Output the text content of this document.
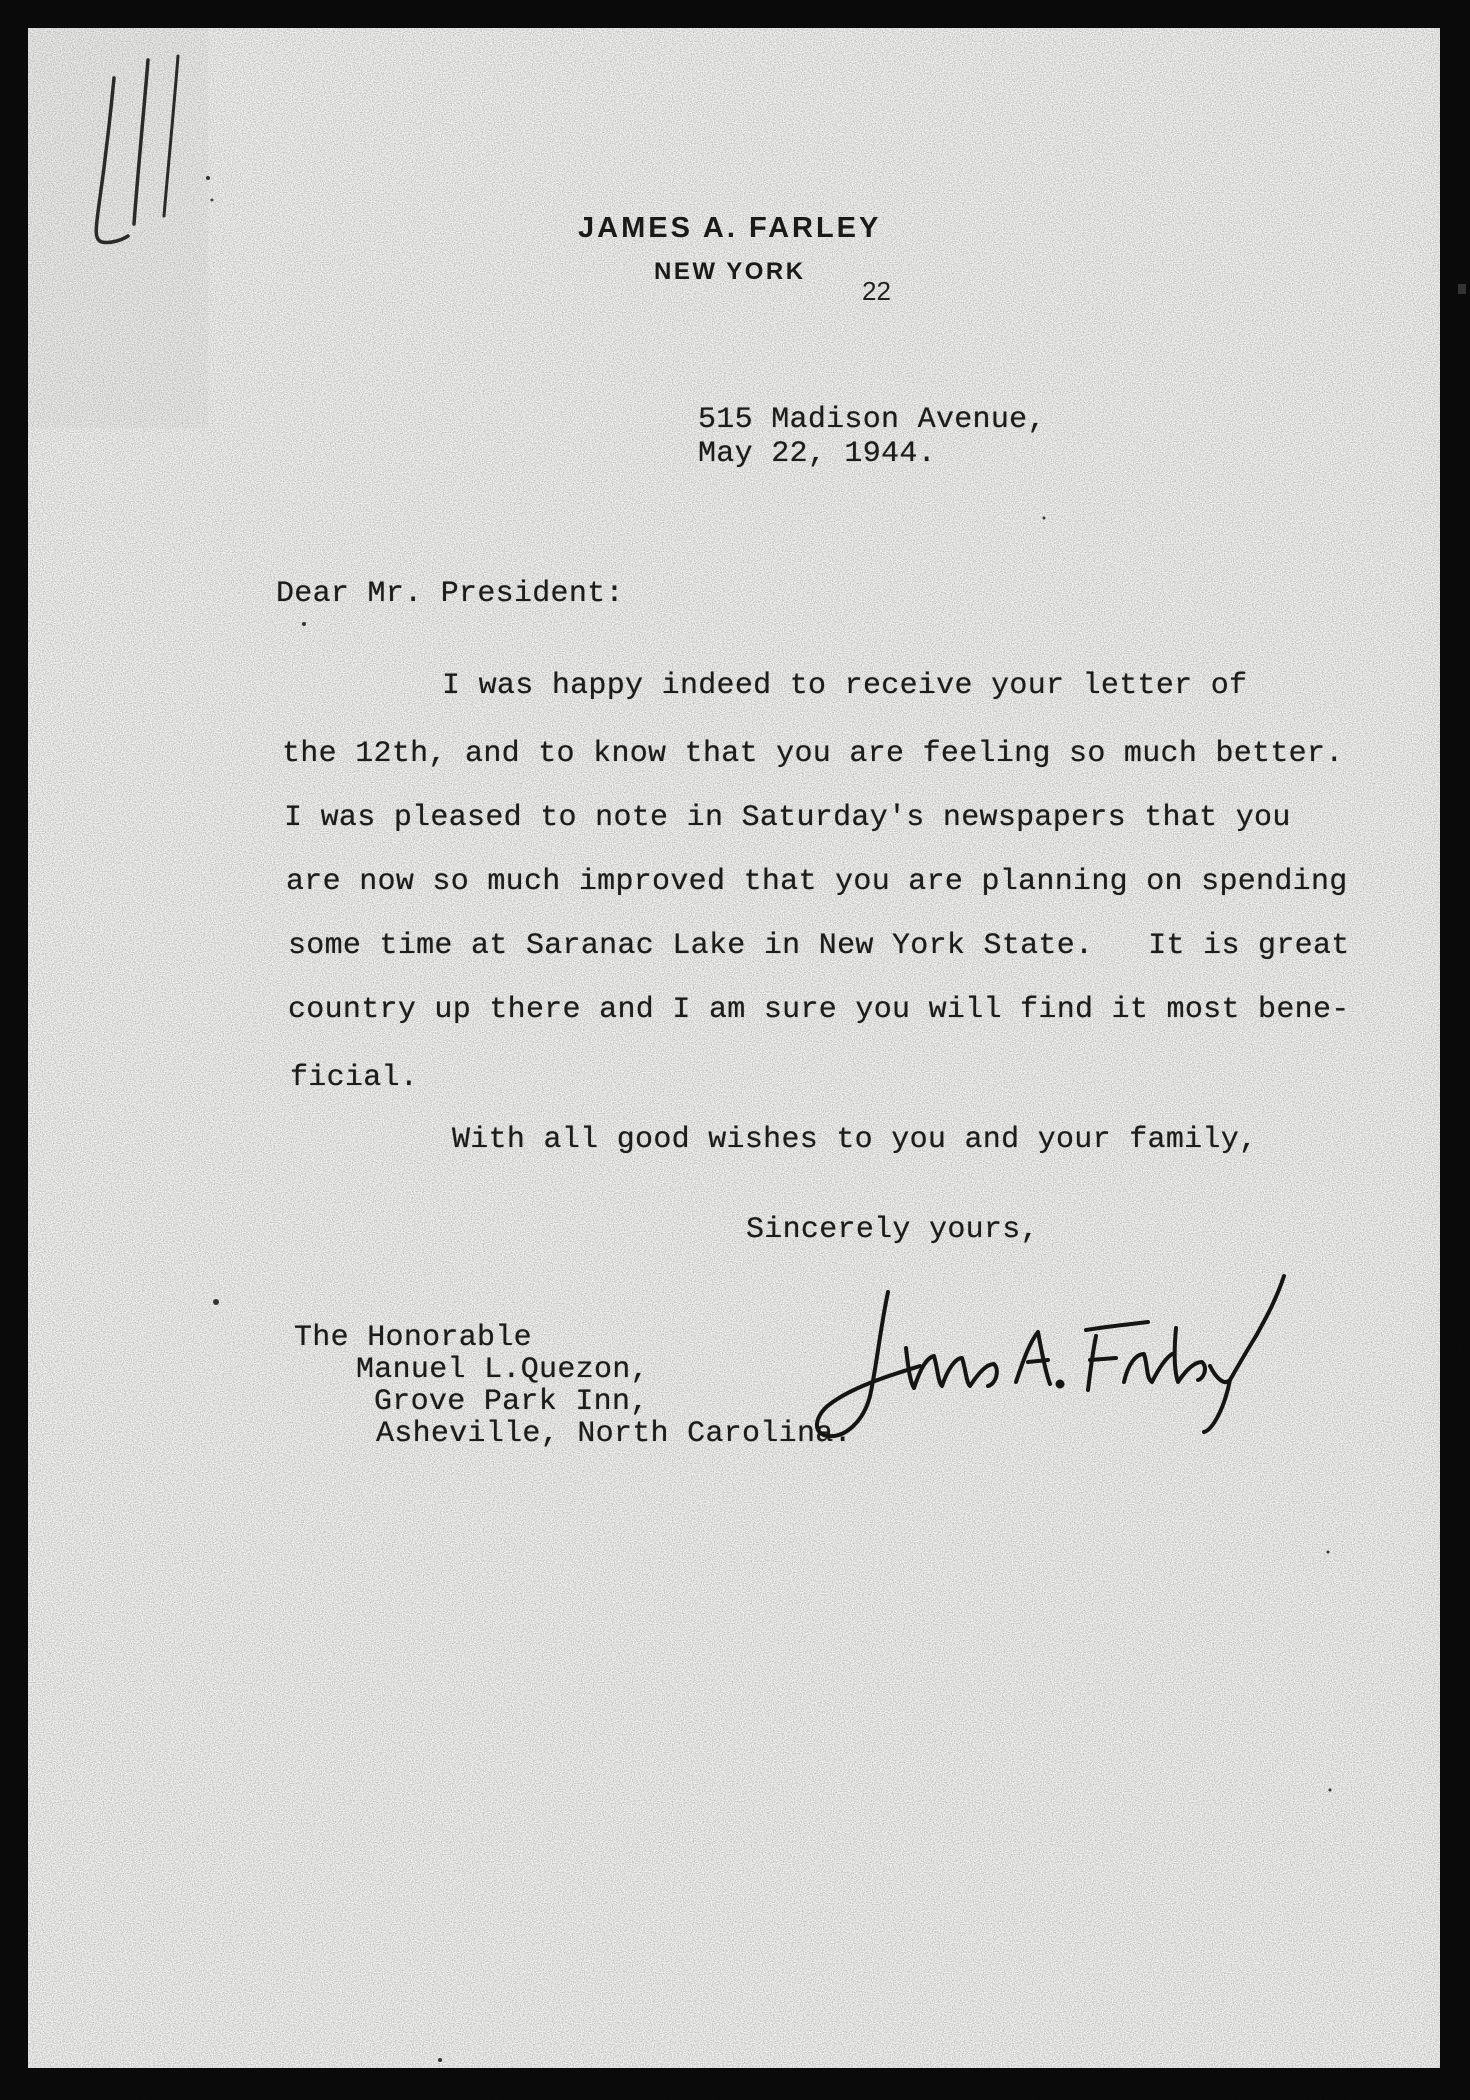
JAMES A. FARLEY
NEW YORK
22
515 Madison Avenue,
May 22, 1944.
Dear Mr. President:
I was happy indeed to receive your letter of
the 12th, and to know that you are feeling so much better.
I was pleased to note in Saturday's newspapers that you
are now so much improved that you are planning on spending
some time at Saranac Lake in New York State.   It is great
country up there and I am sure you will find it most bene-
ficial.
With all good wishes to you and your family,
Sincerely yours,
The Honorable
Manuel L.Quezon,
Grove Park Inn,
Asheville, North Carolina.
